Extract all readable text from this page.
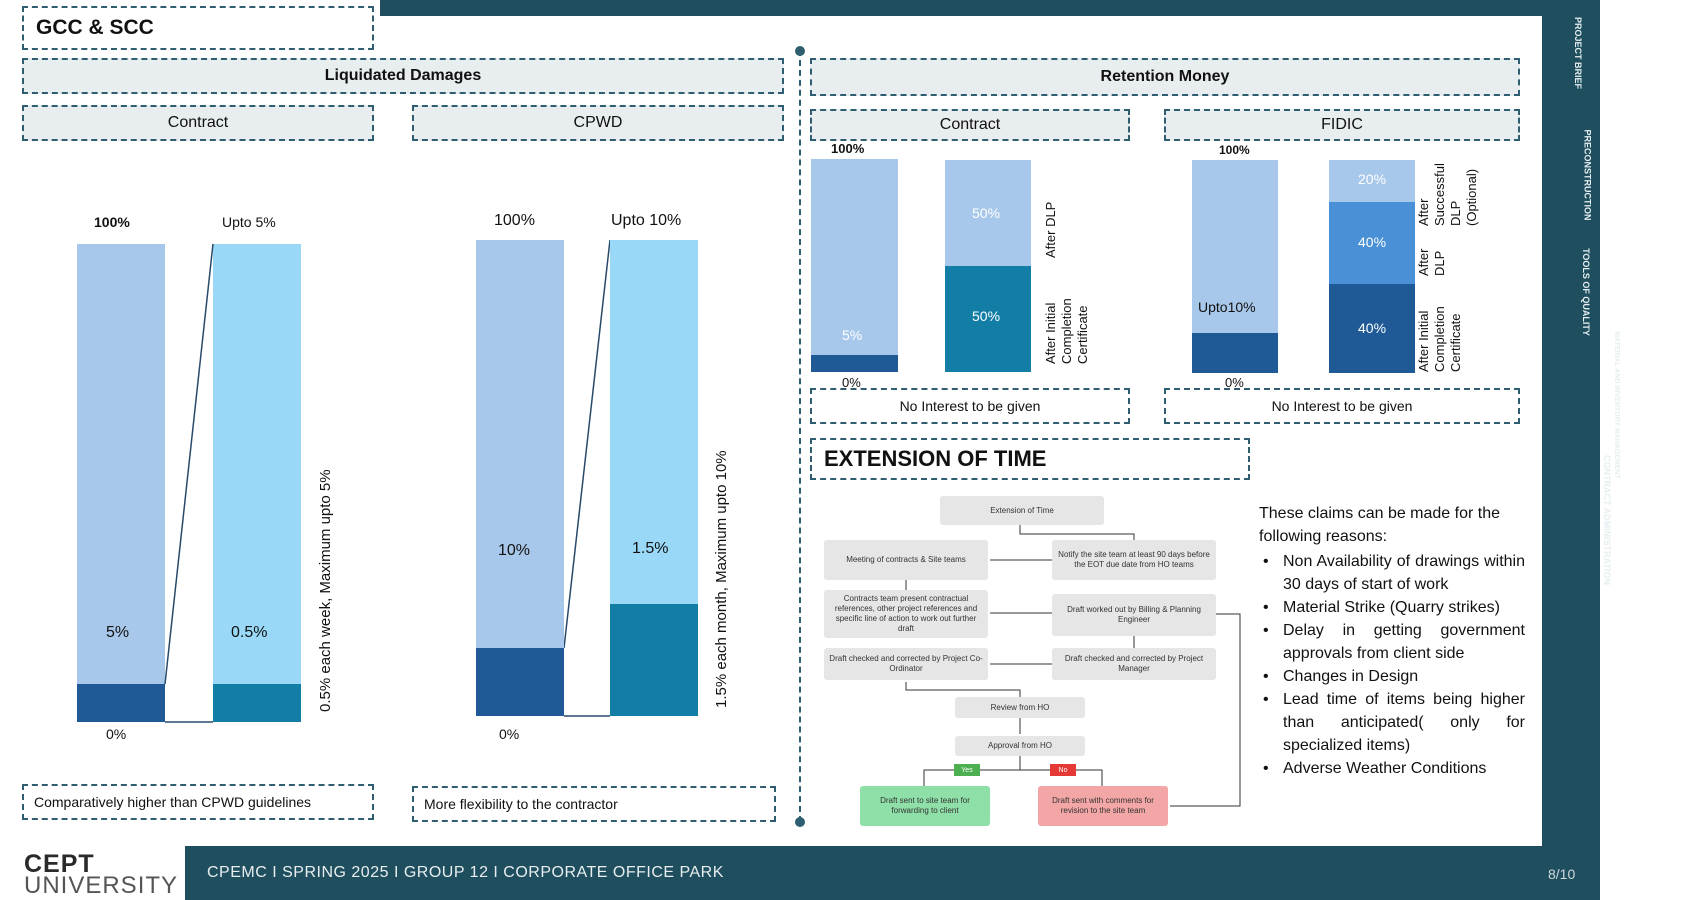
PROJECT BRIEF
PRECONSTRUCTION
TOOLS OF QUALITY
MATERIAL AND INVENTORY MANAGEMENT
CONTRACT ADMINISTRATION
GCC & SCC
Liquidated Damages
Contract	CPWD
100%	Upto 5%
5%	0.5%
0%
0.5% each week, Maximum upto 5%
100%	Upto 10%
10%	1.5%
0%
1.5% each month, Maximum upto 10%
Comparatively higher than CPWD guidelines	More flexibility to the contractor
Retention Money
Contract	FIDIC
100%
5%
0%
50%
50%
After DLP
After Initial Completion Certificate
100%
Upto10%
0%
20%
40%
40%
After Successful DLP (Optional)
After DLP
After Initial Completion Certificate
No Interest to be given	No Interest to be given
EXTENSION OF TIME
Extension of Time
Notify the site team at least 90 days before the EOT due date from HO teams
Meeting of contracts & Site teams
Contracts team present contractual references, other project references and specific line of action to work out further draft
Draft worked out by Billing & Planning Engineer
Draft checked and corrected by Project Co-Ordinator
Draft checked and corrected by Project Manager
Review from HO
Approval from HO
Yes	No
Draft sent to site team for forwarding to client
Draft sent with comments for revision to the site team
These claims can be made for the following reasons:
• Non Availability of drawings within 30 days of start of work
• Material Strike (Quarry strikes)
• Delay in getting government approvals from client side
• Changes in Design
• Lead time of items being higher than anticipated( only for specialized items)
• Adverse Weather Conditions
CEPT
UNIVERSITY CPEMC I SPRING 2025 I GROUP 12 I CORPORATE OFFICE PARK	8/10
